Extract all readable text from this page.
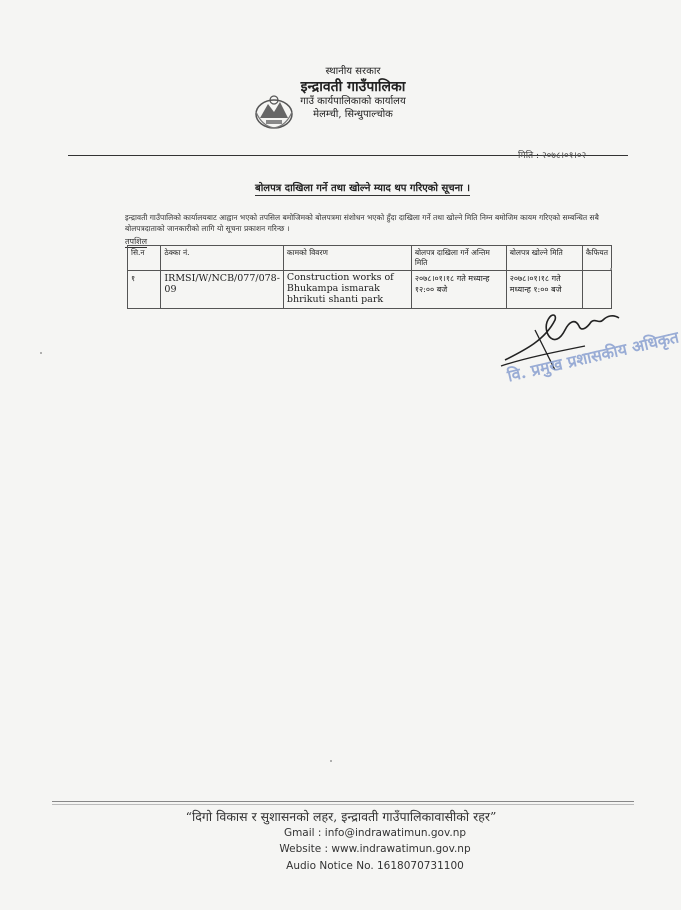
स्थानीय सरकार
इन्द्रावती गाउँपालिका
गाउँ कार्यपालिकाको कार्यालय
मेलम्ची, सिन्धुपाल्चोक
मिति : २०७८।०१।०२
बोलपत्र दाखिला गर्ने तथा खोल्ने म्याद थप गरिएको सूचना ।
इन्द्रावती गाउँपालिको कार्यालयबाट आह्वान भएको तपसिल बमोजिमको बोलपत्रमा संशोधन भएको हुँदा दाखिला गर्ने तथा खोल्ने मिति निम्न बमोजिम कायम गरिएको सम्बन्धित सबै बोलपत्रदाताको जानकारीको लागि यो सूचना प्रकाशन गरिन्छ ।
तपशिल
सि.न	ठेक्का नं.	कामको विवरण	बोलपत्र दाखिला गर्ने अन्तिम मिति	बोलपत्र खोल्ने मिति	कैफियत
१	IRMSI/W/NCB/077/078-09	Construction works of Bhukampa ismarak bhrikuti shanti park	२०७८।०१।१८ गते मध्यान्ह १२:०० बजे	२०७८।०१।१८ गते मध्यान्ह १:०० बजे	
वि. प्रमुख प्रशासकीय अधिकृत
“दिगो विकास र सुशासनको लहर, इन्द्रावती गाउँपालिकावासीको रहर”
Gmail : info@indrawatimun.gov.np
Website : www.indrawatimun.gov.np
Audio Notice No. 1618070731100
